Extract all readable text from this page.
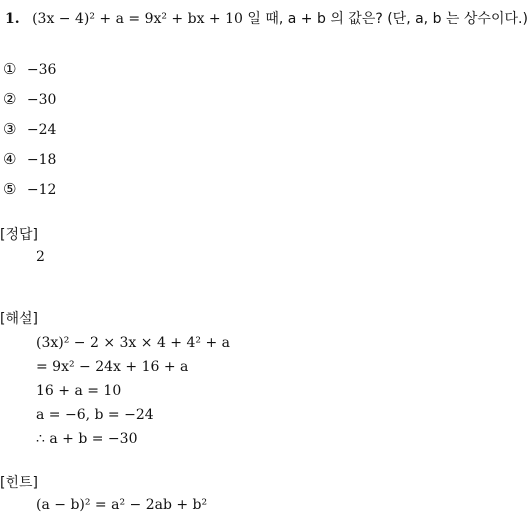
1. (3x − 4)² + a = 9x² + bx + 10 일 때, a + b 의 값은? (단, a, b 는 상수이다.)
① −36
② −30
③ −24
④ −18
⑤ −12
[정답]
2
[해설]
(3x)² − 2 × 3x × 4 + 4² + a
= 9x² − 24x + 16 + a
16 + a = 10
a = −6, b = −24
∴ a + b = −30
[힌트]
(a − b)² = a² − 2ab + b²
